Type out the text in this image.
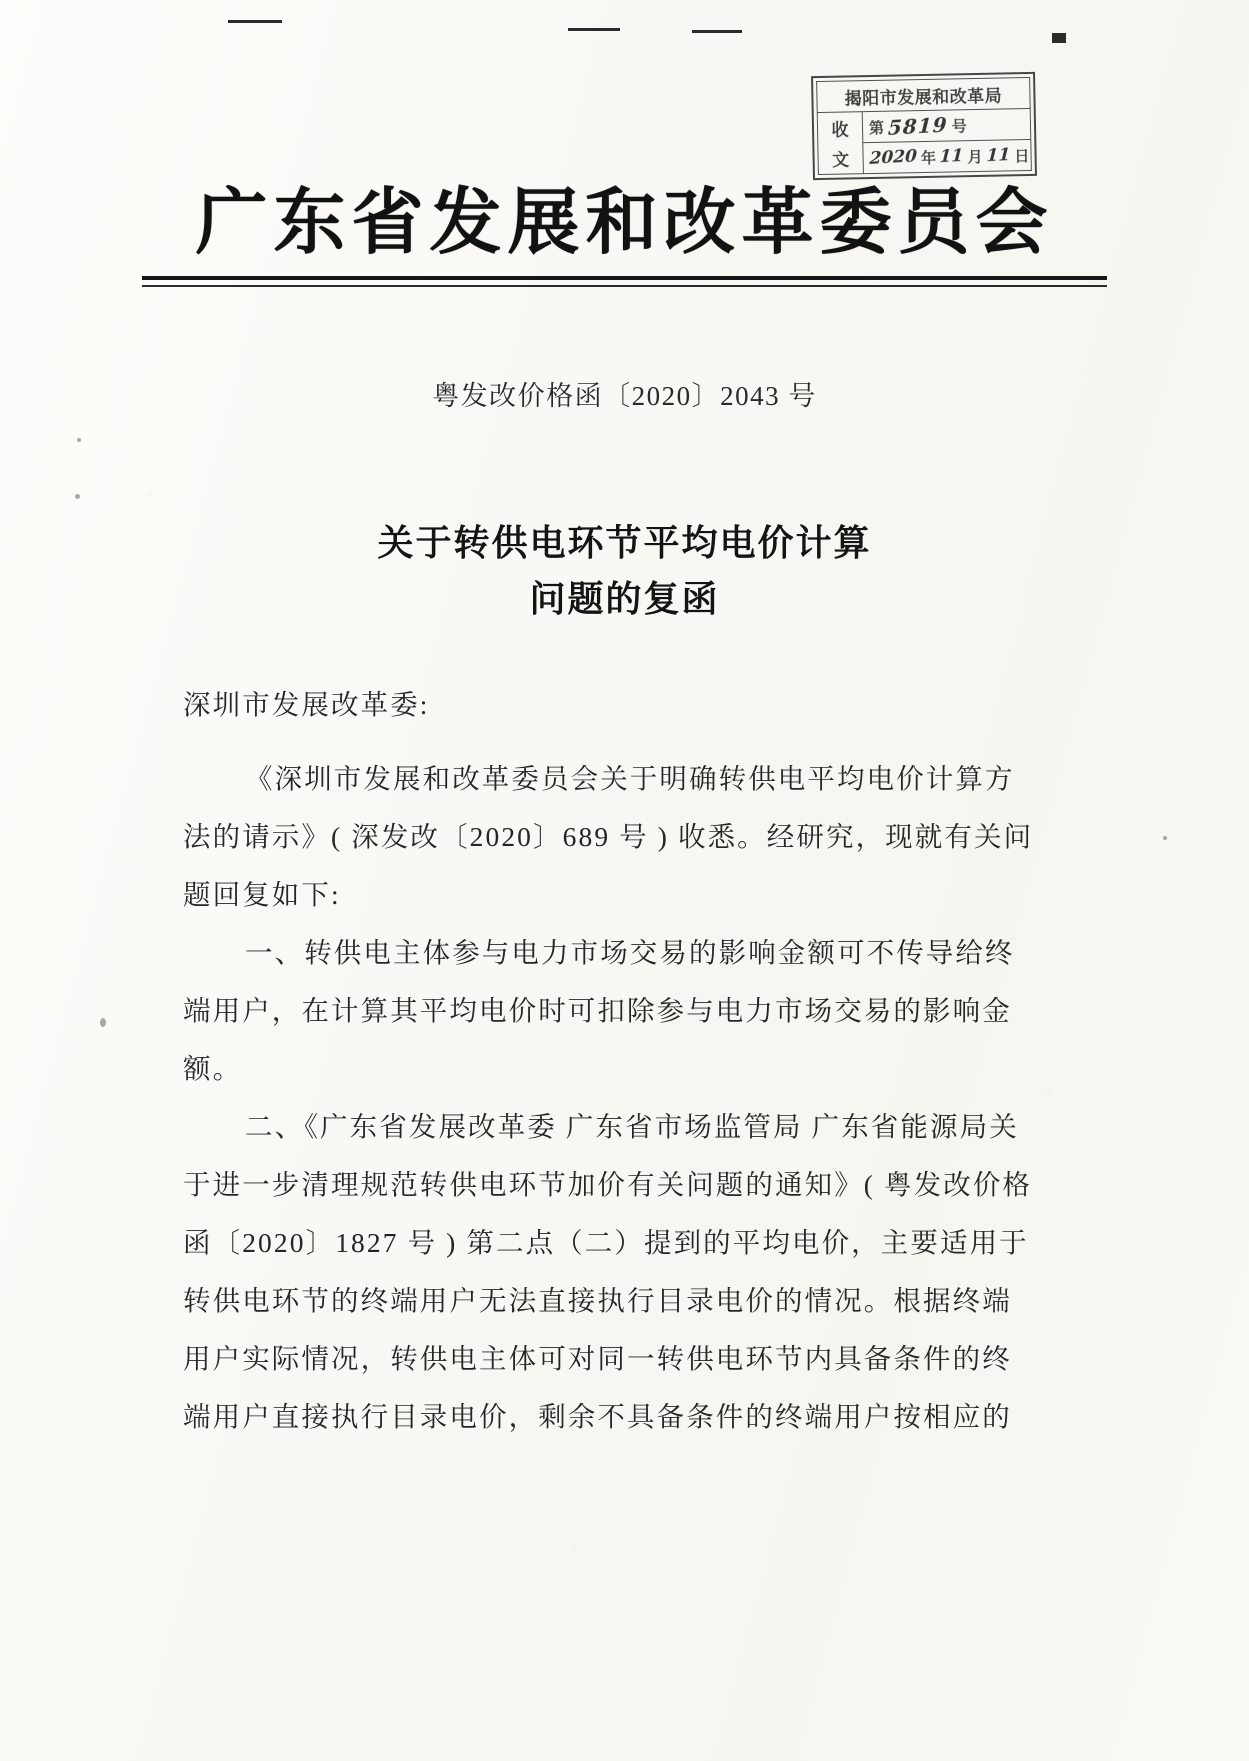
揭阳市发展和改革局
收
文
第 5819 号
2020 年 11 月 11 日
广东省发展和改革委员会
粤发改价格函〔2020〕2043 号
关于转供电环节平均电价计算
问题的复函

深圳市发展改革委:

《深圳市发展和改革委员会关于明确转供电平均电价计算方
法的请示》( 深发改〔2020〕689 号 ) 收悉。经研究，现就有关问
题回复如下:

一、转供电主体参与电力市场交易的影响金额可不传导给终
端用户，在计算其平均电价时可扣除参与电力市场交易的影响金
额。

二、《广东省发展改革委 广东省市场监管局 广东省能源局关
于进一步清理规范转供电环节加价有关问题的通知》( 粤发改价格
函〔2020〕1827 号 ) 第二点（二）提到的平均电价，主要适用于
转供电环节的终端用户无法直接执行目录电价的情况。根据终端
用户实际情况，转供电主体可对同一转供电环节内具备条件的终
端用户直接执行目录电价，剩余不具备条件的终端用户按相应的
